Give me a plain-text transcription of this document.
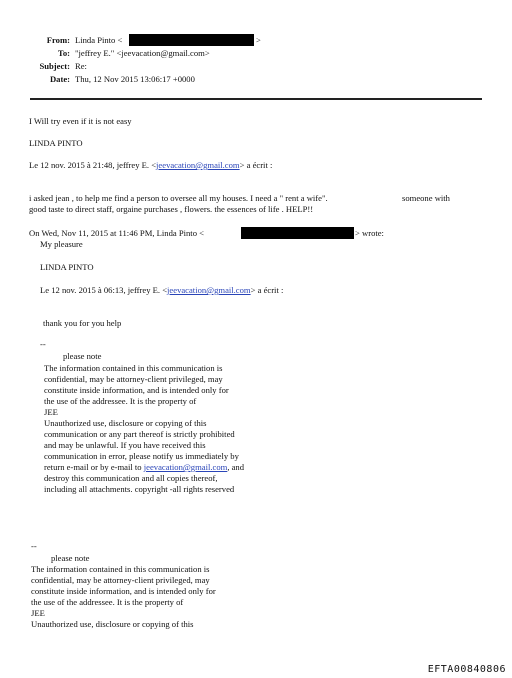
From: Linda Pinto <	>
To: "jeffrey E." <jeevacation@gmail.com>
Subject: Re:
Date: Thu, 12 Nov 2015 13:06:17 +0000
I Will try even if it is not easy
LINDA PINTO
Le 12 nov. 2015 à 21:48, jeffrey E. <jeevacation@gmail.com> a écrit :
i asked jean , to help me find a person to oversee all my houses. I need a " rent a wife".	someone with
good taste to direct staff, orgaine purchases , flowers. the essences of life . HELP!!
On Wed, Nov 11, 2015 at 11:46 PM, Linda Pinto <	> wrote:
My pleasure
LINDA PINTO
Le 12 nov. 2015 à 06:13, jeffrey E. <jeevacation@gmail.com> a écrit :
thank you for you help
--
please note
The information contained in this communication is
confidential, may be attorney-client privileged, may
constitute inside information, and is intended only for
the use of the addressee. It is the property of
JEE
Unauthorized use, disclosure or copying of this
communication or any part thereof is strictly prohibited
and may be unlawful. If you have received this
communication in error, please notify us immediately by
return e-mail or by e-mail to jeevacation@gmail.com, and
destroy this communication and all copies thereof,
including all attachments. copyright -all rights reserved
--
please note
The information contained in this communication is
confidential, may be attorney-client privileged, may
constitute inside information, and is intended only for
the use of the addressee. It is the property of
JEE
Unauthorized use, disclosure or copying of this
EFTA00840806
